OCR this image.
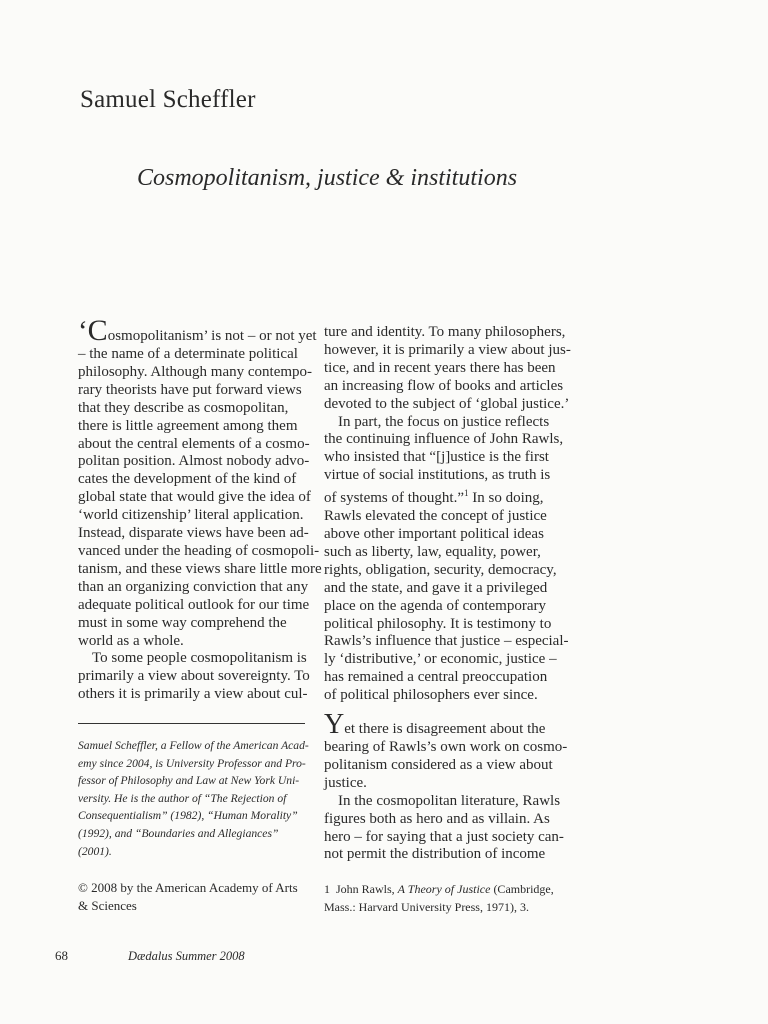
Samuel Scheffler
Cosmopolitanism, justice & institutions
‘Cosmopolitanism’ is not – or not yet
– the name of a determinate political
philosophy. Although many contempo-
rary theorists have put forward views
that they describe as cosmopolitan,
there is little agreement among them
about the central elements of a cosmo-
politan position. Almost nobody advo-
cates the development of the kind of
global state that would give the idea of
‘world citizenship’ literal application.
Instead, disparate views have been ad-
vanced under the heading of cosmopoli-
tanism, and these views share little more
than an organizing conviction that any
adequate political outlook for our time
must in some way comprehend the
world as a whole.
To some people cosmopolitanism is
primarily a view about sovereignty. To
others it is primarily a view about cul-
ture and identity. To many philosophers,
however, it is primarily a view about jus-
tice, and in recent years there has been
an increasing flow of books and articles
devoted to the subject of ‘global justice.’
In part, the focus on justice reflects
the continuing influence of John Rawls,
who insisted that “[j]ustice is the first
virtue of social institutions, as truth is
of systems of thought.”$^1$ In so doing,
Rawls elevated the concept of justice
above other important political ideas
such as liberty, law, equality, power,
rights, obligation, security, democracy,
and the state, and gave it a privileged
place on the agenda of contemporary
political philosophy. It is testimony to
Rawls’s influence that justice – especial-
ly ‘distributive,’ or economic, justice –
has remained a central preoccupation
of political philosophers ever since.
Yet there is disagreement about the
bearing of Rawls’s own work on cosmo-
politanism considered as a view about
justice.
In the cosmopolitan literature, Rawls
figures both as hero and as villain. As
hero – for saying that a just society can-
not permit the distribution of income
Samuel Scheffler, a Fellow of the American Acad-
emy since 2004, is University Professor and Pro-
fessor of Philosophy and Law at New York Uni-
versity. He is the author of “The Rejection of
Consequentialism” (1982), “Human Morality”
(1992), and “Boundaries and Allegiances”
(2001).
© 2008 by the American Academy of Arts
& Sciences
1 John Rawls, A Theory of Justice (Cambridge,
Mass.: Harvard University Press, 1971), 3.
68	Dædalus Summer 2008
